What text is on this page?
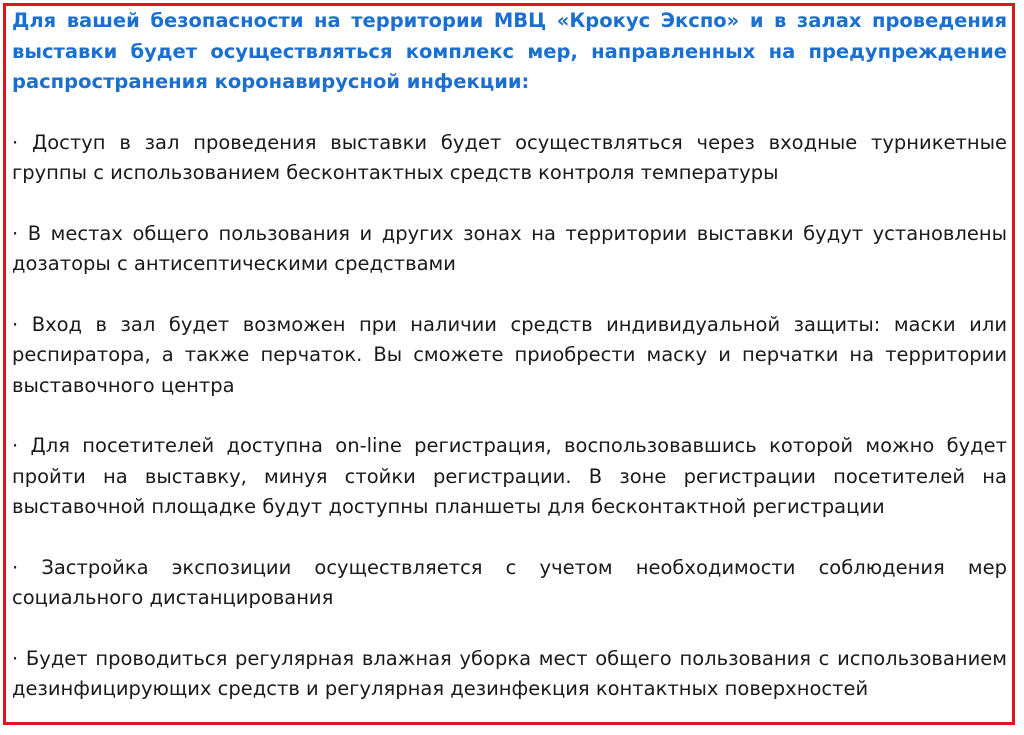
Для вашей безопасности на территории МВЦ «Крокус Экспо» и в залах проведения выставки будет осуществляться комплекс мер, направленных на предупреждение распространения коронавирусной инфекции:

· Доступ в зал проведения выставки будет осуществляться через входные турникетные группы с использованием бесконтактных средств контроля температуры

· В местах общего пользования и других зонах на территории выставки будут установлены дозаторы с антисептическими средствами

· Вход в зал будет возможен при наличии средств индивидуальной защиты: маски или респиратора, а также перчаток. Вы сможете приобрести маску и перчатки на территории выставочного центра

· Для посетителей доступна on-line регистрация, воспользовавшись которой можно будет пройти на выставку, минуя стойки регистрации. В зоне регистрации посетителей на выставочной площадке будут доступны планшеты для бесконтактной регистрации

· Застройка экспозиции осуществляется с учетом необходимости соблюдения мер социального дистанцирования

· Будет проводиться регулярная влажная уборка мест общего пользования с использованием дезинфицирующих средств и регулярная дезинфекция контактных поверхностей
